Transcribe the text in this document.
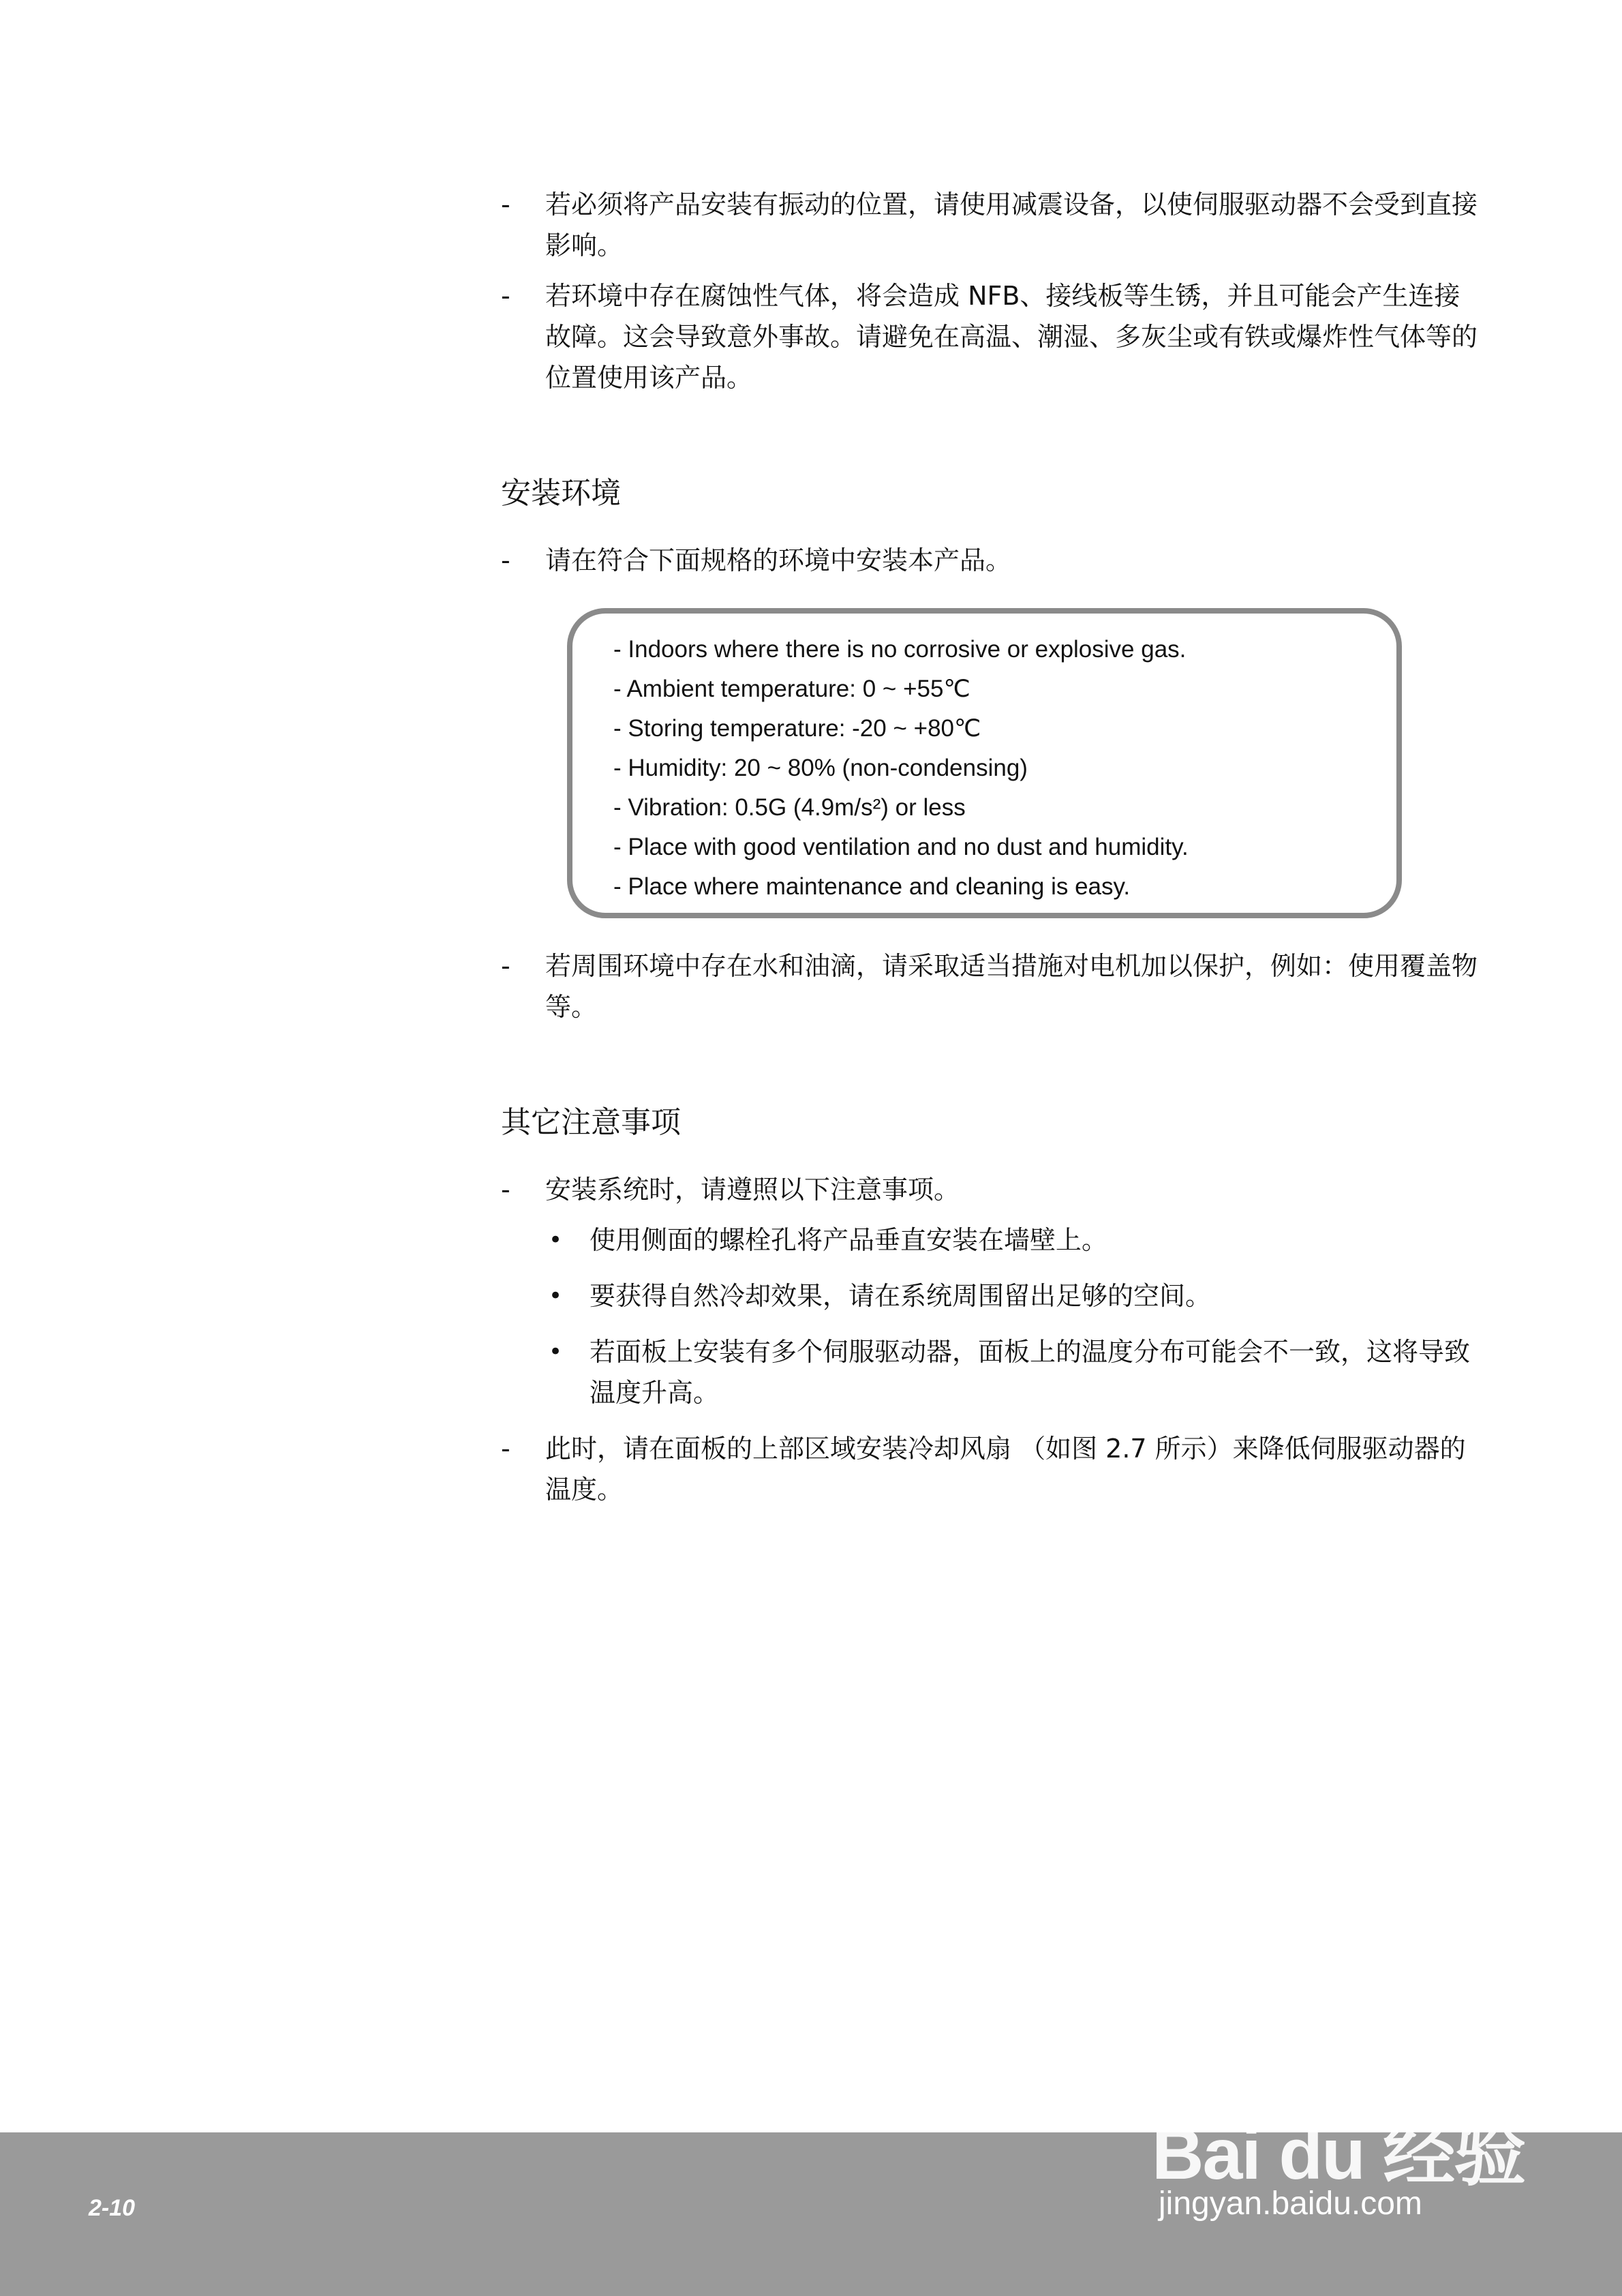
- 若必须将产品安装有振动的位置，请使用减震设备，以使伺服驱动器不会受到直接影响。
- 若环境中存在腐蚀性气体，将会造成 NFB、接线板等生锈，并且可能会产生连接故障。这会导致意外事故。请避免在高温、潮湿、多灰尘或有铁或爆炸性气体等的位置使用该产品。
安装环境
- 请在符合下面规格的环境中安装本产品。
- Indoors where there is no corrosive or explosive gas.
- Ambient temperature: 0 ~ +55℃
- Storing temperature: -20 ~ +80℃
- Humidity: 20 ~ 80% (non-condensing)
- Vibration: 0.5G (4.9m/s²) or less
- Place with good ventilation and no dust and humidity.
- Place where maintenance and cleaning is easy.
- 若周围环境中存在水和油滴，请采取适当措施对电机加以保护，例如：使用覆盖物等。
其它注意事项
- 安装系统时，请遵照以下注意事项。
• 使用侧面的螺栓孔将产品垂直安装在墙壁上。
• 要获得自然冷却效果，请在系统周围留出足够的空间。
• 若面板上安装有多个伺服驱动器，面板上的温度分布可能会不一致，这将导致温度升高。
- 此时，请在面板的上部区域安装冷却风扇 （如图 2.7 所示）来降低伺服驱动器的温度。
2-10
Bai du 经验
jingyan.baidu.com
